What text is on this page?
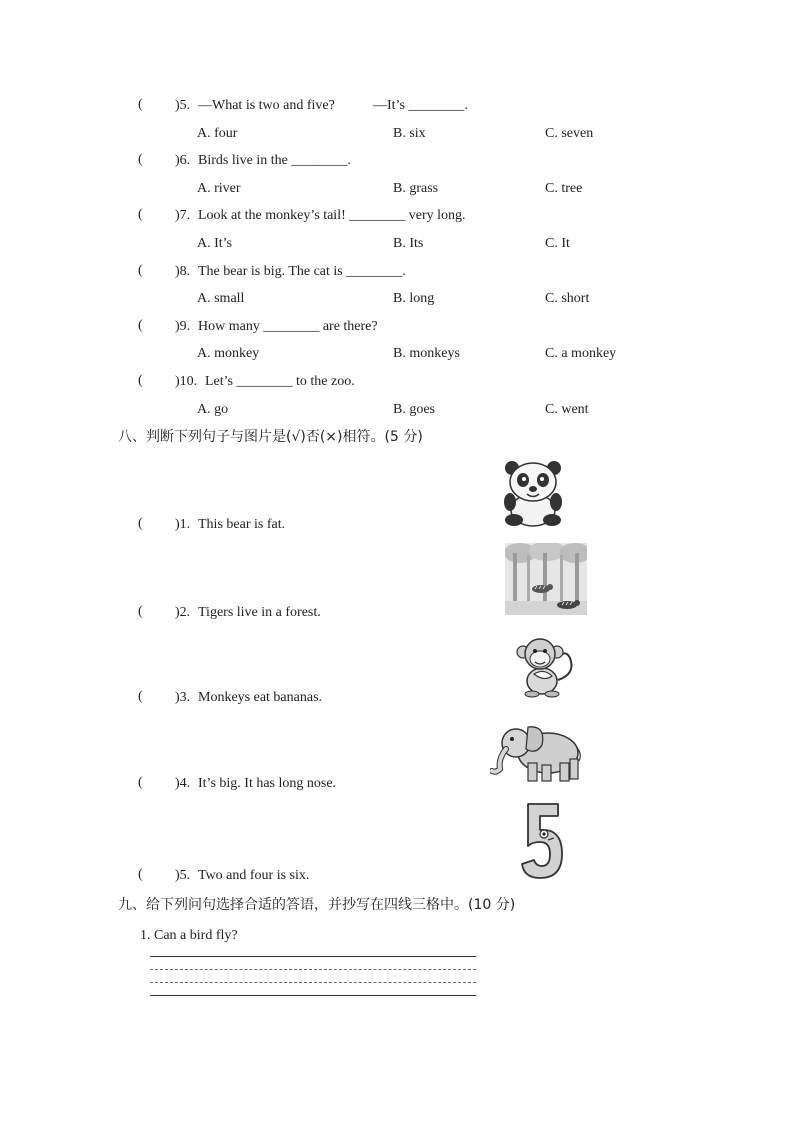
( )5. —What is two and five?	—It’s ________.
A. four	B. six	C. seven
( )6. Birds live in the ________.
A. river	B. grass	C. tree
( )7. Look at the monkey’s tail! ________ very long.
A. It’s	B. Its	C. It
( )8. The bear is big. The cat is ________.
A. small	B. long	C. short
( )9. How many ________ are there?
A. monkey	B. monkeys	C. a monkey
( )10. Let’s ________ to the zoo.
A. go	B. goes	C. went
八、判断下列句子与图片是(√)否(×)相符。(5 分)
( )1. This bear is fat.
( )2. Tigers live in a forest.
( )3. Monkeys eat bananas.
( )4. It’s big. It has long nose.
( )5. Two and four is six.
九、给下列问句选择合适的答语，并抄写在四线三格中。(10 分)
1. Can a bird fly?
